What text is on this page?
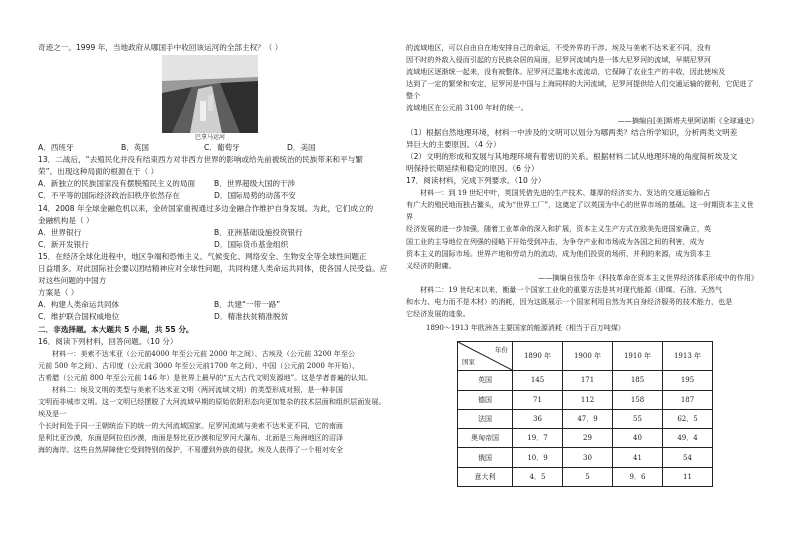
奇迹之一。1999 年，当地政府从哪国手中收回该运河的全部主权？（ ）

巴拿马运河
A．西班牙	B．英国	C．葡萄牙	D．美国

13．二战后，“去殖民化并没有结束西方对非西方世界的影响或给先前被统治的民族带来和平与繁

荣”。出现这种局面的根源在于（ ）

A．新独立的民族国家没有摆脱殖民主义的局面	B．世界超级大国的干涉
C．不平等的国际经济政治旧秩序依然存在	D．国际局势的动荡不安

14．2008 年全球金融危机以来，金砖国家重视通过多边金融合作维护自身发展。为此，它们成立的

金融机构是（ ）

A．世界银行	B．亚洲基础设施投资银行
C．新开发银行	D．国际货币基金组织

15．在经济全球化进程中，地区争端和恐怖主义、气候变化、网络安全、生物安全等全球性问题正

日益增多。对此国际社会要以团结精神应对全球性问题，共同构建人类命运共同体，使各国人民受益。应对这些问题的中国方

方案是（ ）

A．构建人类命运共同体	B．共建“一带一路”
C．维护联合国权威地位	D．精准扶贫精准脱贫

二．非选择题。本大题共 5 小题，共 55 分。

16．阅读下列材料，回答问题。（10 分）

材料一：美索不达米亚（公元前4000 年至公元前 2000 年之间）、古埃及（公元前 3200 年至公

元前 500 年之间）、古印度（公元前 3000 年至公元前1700 年之间）、中国（公元前 2000 年开始）、

古希腊（公元前 800 年至公元前 146 年）是世界上最早的“五大古代文明发源地”。这是学者普遍的认知。

材料二：埃及文明的类型与美索不达米亚文明（两河流域文明）的类型形成对照，是一种非国

文明而非城市文明。这一文明已经摆脱了大河流域早期的原始依附形态向更加复杂的技术层面和组织层面发展。埃及是一

个长时间处于同一王朝统治下的统一的大河流域国家。尼罗河流域与美索不达米亚不同，它的南面

是利比亚沙漠，东面是阿拉伯沙漠，南面是努比亚沙漠和尼罗河大瀑布，北面是三角洲地区的沼泽

海的海岸。这些自然屏障使它受到特别的保护，不易遭到外族的侵扰。埃及人获得了一个相对安全

的流域地区，可以自由自在地安排自己的命运，不受外界的干涉。埃及与美索不达米亚不同，没有

因不时的外敌入侵而引起的方民族杂居的局面，尼罗河流域内是一体大尼罗河的流域，早期尼罗河

流域地区逐渐统一起来，没有被整体。尼罗河泛滥地水流流动，它保障了农业生产的丰收，因此使埃及

达到了一定的繁荣和安定，尼罗河是中国与上海同样的大河流域，尼罗河提供给人们交通运输的便利，它促进了整个

流域地区在公元前 3100 年时的统一。

——摘编自[美]斯塔夫里阿诺斯《全球通史》

（1）根据自然地理环境，材料一中涉及的文明可以划分为哪两类？结合所学知识，分析两类文明差

异巨大的主要原因。（4 分）

（2）文明的形成和发展与其地理环境有着密切的关系。根据材料二试从地理环境的角度简析埃及文

明保持长期延续和稳定的原因。（6 分）

17．阅读材料，完成下列要求。（10 分）

材料一：到 19 世纪中叶，英国凭借先进的生产技术、雄厚的经济实力、发达的交通运输和占

有广大的殖民地而独占鳌头，成为“世界工厂”，这奠定了以英国为中心的世界市场的基础。这一时期资本主义世界

经济发展的进一步加强，随着工业革命的深入和扩展，资本主义生产方式在欧美先进国家确立，英

国工业的主导地位在列强的侵略下开始受到冲击，为争夺产业和市场成为各国之间的利害，成为

资本主义的国际市场。世界产地和劳动力的流动，成为他们投资的场所，并利的来源，成为资本主

义经济的附庸。

——摘编自张岱年《科技革命在资本主义世界经济体系形成中的作用》

材料二：19 世纪末以来，衡量一个国家工业化的重要方法是其对现代能源（即煤、石油、天然气

和水力、电力而不是木材）的消耗，因为这既展示一个国家利用自然为其自身经济服务的技术能力，也是

它经济发展的迹象。

1890～1913 年欧洲各主要国家的能源消耗（相当于百万吨煤）

年份
国家	1890 年	1900 年	1910 年	1913 年
英国	145	171	185	195
德国	71	112	158	187
法国	36	47．9	55	62．5
奥匈帝国	19．7	29	40	49．4
俄国	10．9	30	41	54
意大利	4．5	5	9．6	11
